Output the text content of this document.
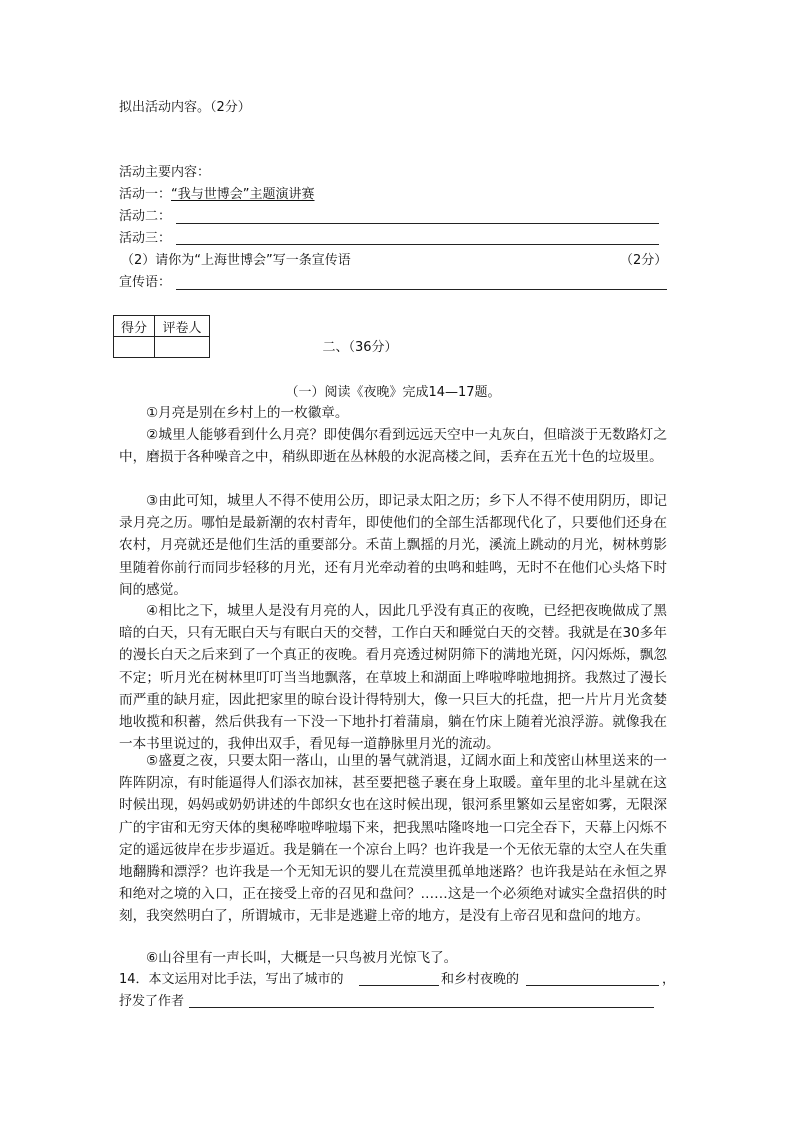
拟出活动内容。（2分）
活动主要内容：
活动一：“我与世博会”主题演讲赛
活动二：
活动三：
（2）请你为“上海世博会”写一条宣传语	（2分）
宣传语：
得分	评卷人

二、（36分）
（一）阅读《夜晚》完成14—17题。
①月亮是别在乡村上的一枚徽章。
②城里人能够看到什么月亮？即使偶尔看到远远天空中一丸灰白，但暗淡于无数路灯之中，磨损于各种噪音之中，稍纵即逝在丛林般的水泥高楼之间，丢弃在五光十色的垃圾里。
③由此可知，城里人不得不使用公历，即记录太阳之历；乡下人不得不使用阴历，即记录月亮之历。哪怕是最新潮的农村青年，即使他们的全部生活都现代化了，只要他们还身在农村，月亮就还是他们生活的重要部分。禾苗上飘摇的月光，溪流上跳动的月光，树林剪影里随着你前行而同步轻移的月光，还有月光牵动着的虫鸣和蛙鸣，无时不在他们心头烙下时间的感觉。
④相比之下，城里人是没有月亮的人，因此几乎没有真正的夜晚，已经把夜晚做成了黑暗的白天，只有无眠白天与有眠白天的交替，工作白天和睡觉白天的交替。我就是在30多年的漫长白天之后来到了一个真正的夜晚。看月亮透过树阴筛下的满地光斑，闪闪烁烁，飘忽不定；听月光在树林里叮叮当当地飘落，在草坡上和湖面上哗啦哗啦地拥挤。我熬过了漫长而严重的缺月症，因此把家里的晾台设计得特别大，像一只巨大的托盘，把一片片月光贪婪地收揽和积蓄，然后供我有一下没一下地扑打着蒲扇，躺在竹床上随着光浪浮游。就像我在一本书里说过的，我伸出双手，看见每一道静脉里月光的流动。
⑤盛夏之夜，只要太阳一落山，山里的暑气就消退，辽阔水面上和茂密山林里送来的一阵阵阴凉，有时能逼得人们添衣加袜，甚至要把毯子裹在身上取暖。童年里的北斗星就在这时候出现，妈妈或奶奶讲述的牛郎织女也在这时候出现，银河系里繁如云星密如雾，无限深广的宇宙和无穷天体的奥秘哗啦哗啦塌下来，把我黑咕隆咚地一口完全吞下，天幕上闪烁不定的遥远彼岸在步步逼近。我是躺在一个凉台上吗？也许我是一个无依无靠的太空人在失重地翻腾和漂浮？也许我是一个无知无识的婴儿在荒漠里孤单地迷路？也许我是站在永恒之界和绝对之境的入口，正在接受上帝的召见和盘问？……这是一个必须绝对诚实全盘招供的时刻，我突然明白了，所谓城市，无非是逃避上帝的地方，是没有上帝召见和盘问的地方。
⑥山谷里有一声长叫，大概是一只鸟被月光惊飞了。
14．本文运用对比手法，写出了城市的	和乡村夜晚的	，
抒发了作者
